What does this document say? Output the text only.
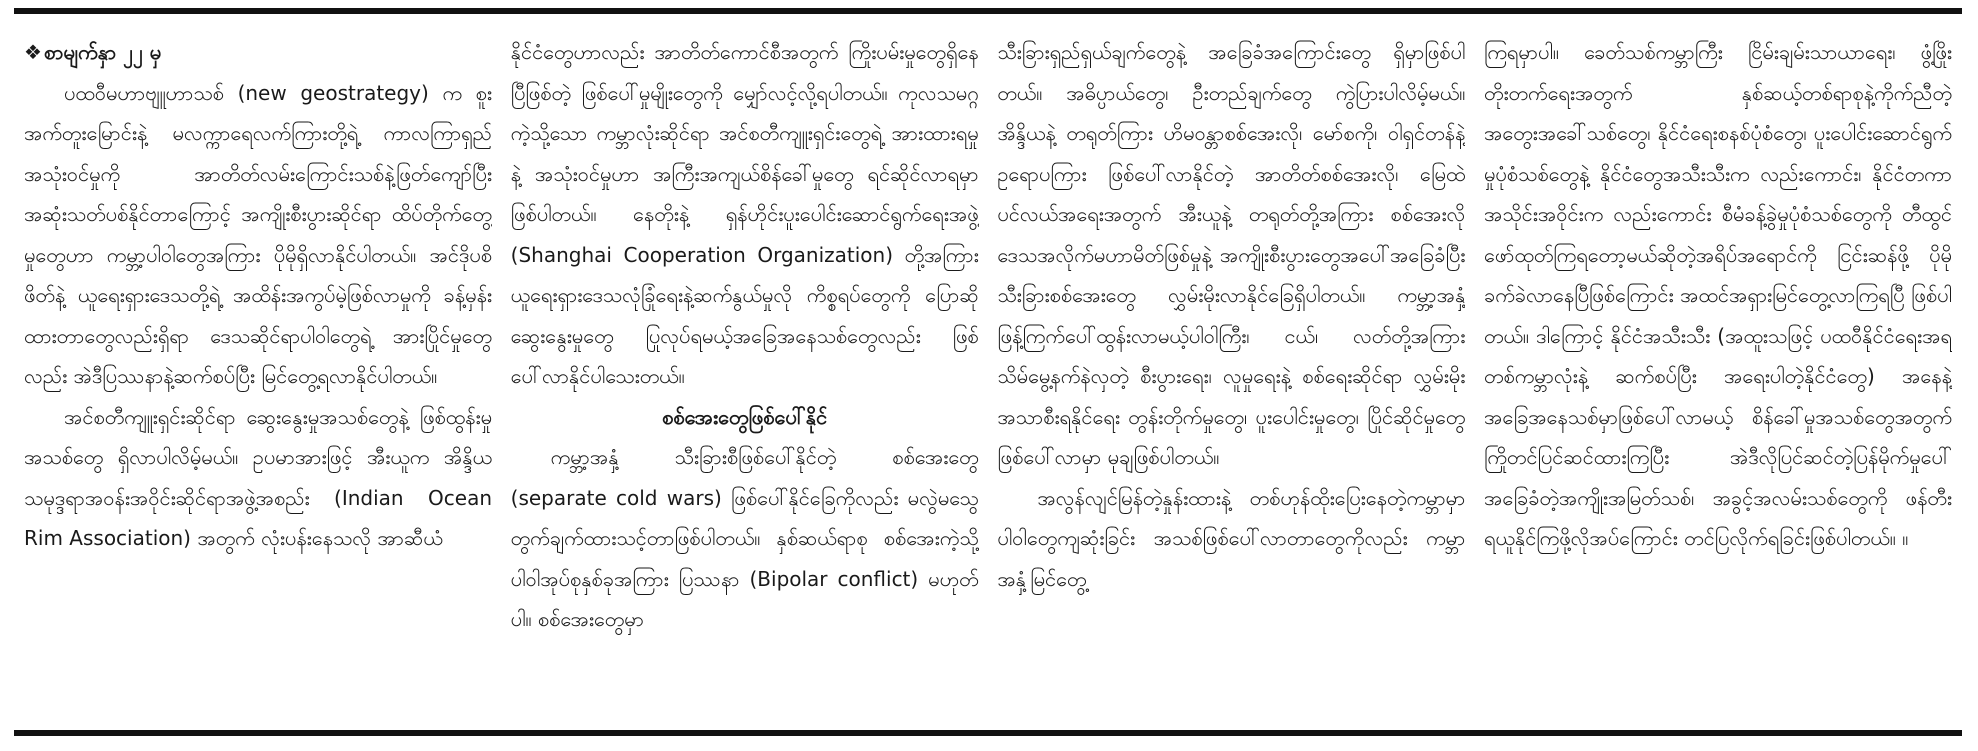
❖ စာမျက်နှာ ၂၂ မှ

ပထဝီမဟာဗျူဟာသစ် (new geostrategy) က စူးအက်တူးမြောင်းနဲ့ မလက္ကာရေလက်ကြားတို့ရဲ့ ကာလကြာရှည်အသုံးဝင်မှုကို အာတိတ်လမ်းကြောင်းသစ်နဲ့ဖြတ်ကျော်ပြီး အဆုံးသတ်ပစ်နိုင်တာကြောင့် အကျိုးစီးပွားဆိုင်ရာ ထိပ်တိုက်တွေ့မှုတွေဟာ ကမ္ဘာ့ပါဝါတွေအကြား ပိုမိုရှိလာနိုင်ပါတယ်။ အင်ဒိုပစိဖိတ်နဲ့ ယူရေးရှားဒေသတို့ရဲ့ အထိန်းအကွပ်မဲ့ဖြစ်လာမှုကို ခန့်မှန်းထားတာတွေလည်းရှိရာ ဒေသဆိုင်ရာပါဝါတွေရဲ့ အားပြိုင်မှုတွေလည်း အဲဒီပြဿနာနဲ့ဆက်စပ်ပြီး မြင်တွေ့ရလာနိုင်ပါတယ်။

အင်စတီကျူးရှင်းဆိုင်ရာ ဆွေးနွေးမှုအသစ်တွေနဲ့ ဖြစ်ထွန်းမှုအသစ်တွေ ရှိလာပါလိမ့်မယ်။ ဥပမာအားဖြင့် အီးယူက အိန္ဒိယသမုဒ္ဒရာအဝန်းအဝိုင်းဆိုင်ရာအဖွဲ့အစည်း (Indian Ocean Rim Association) အတွက် လုံးပန်းနေသလို အာဆီယံ

နိုင်ငံတွေဟာလည်း အာတိတ်ကောင်စီအတွက် ကြိုးပမ်းမှုတွေရှိနေပြီဖြစ်တဲ့ ဖြစ်ပေါ်မှုမျိုးတွေကို မျှော်လင့်လို့ရပါတယ်။ ကုလသမဂ္ဂကဲ့သို့သော ကမ္ဘာလုံးဆိုင်ရာ အင်စတီကျူးရှင်းတွေရဲ့ အားထားရမှုနဲ့ အသုံးဝင်မှုဟာ အကြီးအကျယ်စိန်ခေါ်မှုတွေ ရင်ဆိုင်လာရမှာဖြစ်ပါတယ်။ နေတိုးနဲ့ ရှန်ဟိုင်းပူးပေါင်းဆောင်ရွက်ရေးအဖွဲ့ (Shanghai Cooperation Organization) တို့အကြား ယူရေးရှားဒေသလုံခြုံရေးနဲ့ဆက်နွယ်မှုလို ကိစ္စရပ်တွေကို ပြောဆိုဆွေးနွေးမှုတွေ ပြုလုပ်ရမယ့်အခြေအနေသစ်တွေလည်း ဖြစ်ပေါ်လာနိုင်ပါသေးတယ်။

စစ်အေးတွေဖြစ်ပေါ်နိုင်

ကမ္ဘာ့အနှံ့ သီးခြားစီဖြစ်ပေါ်နိုင်တဲ့ စစ်အေးတွေ (separate cold wars) ဖြစ်ပေါ်နိုင်ခြေကိုလည်း မလွဲမသွေ တွက်ချက်ထားသင့်တာဖြစ်ပါတယ်။ နှစ်ဆယ်ရာစု စစ်အေးကဲ့သို့ ပါဝါအုပ်စုနှစ်ခုအကြား ပြဿနာ (Bipolar conflict) မဟုတ်ပါ။ စစ်အေးတွေမှာ

သီးခြားရှည်ရှယ်ချက်တွေနဲ့ အခြေခံအကြောင်းတွေ ရှိမှာဖြစ်ပါတယ်။ အဓိပ္ပာယ်တွေ၊ ဦးတည်ချက်တွေ ကွဲပြားပါလိမ့်မယ်။ အိန္ဒိယနဲ့ တရုတ်ကြား ဟိမဝန္တာစစ်အေးလို၊ မော်စကို၊ ဝါရှင်တန်နဲ့ ဥရောပကြား ဖြစ်ပေါ်လာနိုင်တဲ့ အာတိတ်စစ်အေးလို၊ မြေထဲပင်လယ်အရေးအတွက် အီးယူနဲ့ တရုတ်တို့အကြား စစ်အေးလို ဒေသအလိုက်မဟာမိတ်ဖြစ်မှုနဲ့ အကျိုးစီးပွားတွေအပေါ်အခြေခံပြီး သီးခြားစစ်အေးတွေ လွှမ်းမိုးလာနိုင်ခြေရှိပါတယ်။ ကမ္ဘာ့အနှံ့ ဖြန့်ကြက်ပေါ်ထွန်းလာမယ့်ပါဝါကြီး၊ ငယ်၊ လတ်တို့အကြား သိမ်မွေ့နက်နဲလှတဲ့ စီးပွားရေး၊ လူမှုရေးနဲ့ စစ်ရေးဆိုင်ရာ လွှမ်းမိုးအသာစီးရနိုင်ရေး တွန်းတိုက်မှုတွေ၊ ပူးပေါင်းမှုတွေ၊ ပြိုင်ဆိုင်မှုတွေဖြစ်ပေါ်လာမှာ မုချဖြစ်ပါတယ်။

အလွန်လျင်မြန်တဲ့နှုန်းထားနဲ့ တစ်ဟုန်ထိုးပြေးနေတဲ့ကမ္ဘာမှာ ပါဝါတွေကျဆုံးခြင်း အသစ်ဖြစ်ပေါ်လာတာတွေကိုလည်း ကမ္ဘာအနှံ့မြင်တွေ့

ကြရမှာပါ။ ခေတ်သစ်ကမ္ဘာကြီး ငြိမ်းချမ်းသာယာရေး၊ ဖွံ့ဖြိုးတိုးတက်ရေးအတွက် နှစ်ဆယ့်တစ်ရာစုနဲ့ကိုက်ညီတဲ့ အတွေးအခေါ်သစ်တွေ၊ နိုင်ငံရေးစနစ်ပုံစံတွေ၊ ပူးပေါင်းဆောင်ရွက်မှုပုံစံသစ်တွေနဲ့ နိုင်ငံတွေအသီးသီးက လည်းကောင်း၊ နိုင်ငံတကာအသိုင်းအဝိုင်းက လည်းကောင်း စီမံခန့်ခွဲမှုပုံစံသစ်တွေကို တီထွင်ဖော်ထုတ်ကြရတော့မယ်ဆိုတဲ့အရိပ်အရောင်ကို ငြင်းဆန်ဖို့ ပိုမိုခက်ခဲလာနေပြီဖြစ်ကြောင်း အထင်အရှားမြင်တွေ့လာကြရပြီ ဖြစ်ပါတယ်။ ဒါကြောင့် နိုင်ငံအသီးသီး (အထူးသဖြင့် ပထဝီနိုင်ငံရေးအရ တစ်ကမ္ဘာလုံးနဲ့ ဆက်စပ်ပြီး အရေးပါတဲ့နိုင်ငံတွေ) အနေနဲ့ အခြေအနေသစ်မှာဖြစ်ပေါ်လာမယ့် စိန်ခေါ်မှုအသစ်တွေအတွက် ကြိုတင်ပြင်ဆင်ထားကြပြီး အဲဒီလိုပြင်ဆင်တဲ့ပြန်မိုက်မှုပေါ် အခြေခံတဲ့အကျိုးအမြတ်သစ်၊ အခွင့်အလမ်းသစ်တွေကို ဖန်တီးရယူနိုင်ကြဖို့လိုအပ်ကြောင်း တင်ပြလိုက်ရခြင်းဖြစ်ပါတယ်။ ။
